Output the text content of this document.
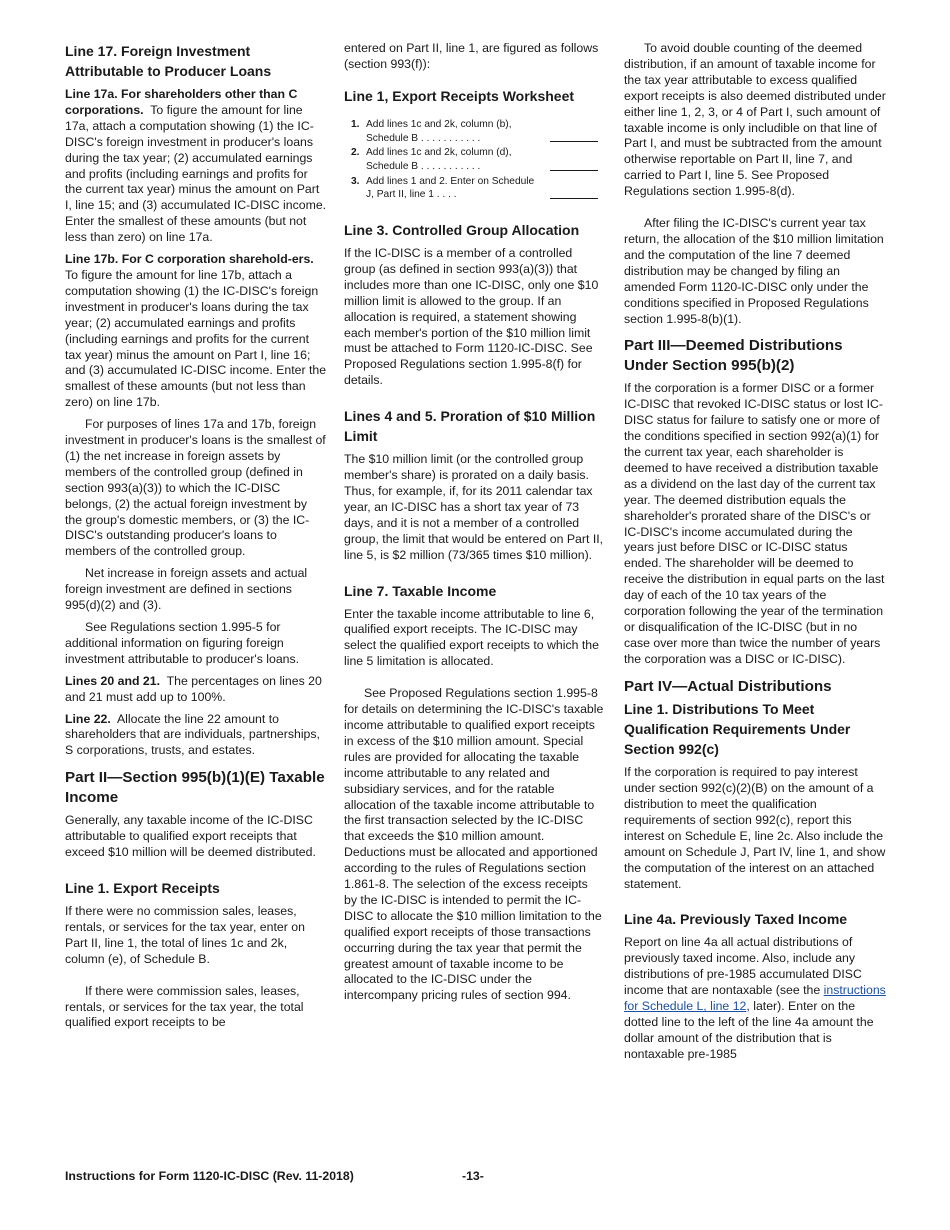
Line 17. Foreign Investment Attributable to Producer Loans

Line 17a. For shareholders other than C corporations. To figure the amount for line 17a, attach a computation showing (1) the IC-DISC's foreign investment in producer's loans during the tax year; (2) accumulated earnings and profits (including earnings and profits for the current tax year) minus the amount on Part I, line 15; and (3) accumulated IC-DISC income. Enter the smallest of these amounts (but not less than zero) on line 17a.

Line 17b. For C corporation sharehold-ers.  To figure the amount for line 17b, attach a computation showing (1) the IC-DISC's foreign investment in producer's loans during the tax year; (2) accumulated earnings and profits (including earnings and profits for the current tax year) minus the amount on Part I, line 16; and (3) accumulated IC-DISC income. Enter the smallest of these amounts (but not less than zero) on line 17b.

For purposes of lines 17a and 17b, foreign investment in producer's loans is the smallest of (1) the net increase in foreign assets by members of the controlled group (defined in section 993(a)(3)) to which the IC-DISC belongs, (2) the actual foreign investment by the group's domestic members, or (3) the IC-DISC's outstanding producer's loans to members of the controlled group.

Net increase in foreign assets and actual foreign investment are defined in sections 995(d)(2) and (3).

See Regulations section 1.995-5 for additional information on figuring foreign investment attributable to producer's loans.

Lines 20 and 21. The percentages on lines 20 and 21 must add up to 100%.

Line 22. Allocate the line 22 amount to shareholders that are individuals, partnerships, S corporations, trusts, and estates.

Part II—Section 995(b)(1)(E) Taxable Income

Generally, any taxable income of the IC-DISC attributable to qualified export receipts that exceed $10 million will be deemed distributed.

Line 1. Export Receipts

If there were no commission sales, leases, rentals, or services for the tax year, enter on Part II, line 1, the total of lines 1c and 2k, column (e), of Schedule B.

If there were commission sales, leases, rentals, or services for the tax year, the total qualified export receipts to be

entered on Part II, line 1, are figured as follows (section 993(f)):

Line 1, Export Receipts Worksheet
1. Add lines 1c and 2k, column (b), Schedule B . . . . . . . . . . .
2. Add lines 1c and 2k, column (d), Schedule B . . . . . . . . . . .
3. Add lines 1 and 2. Enter on Schedule J, Part II, line 1 . . . .
Line 3. Controlled Group Allocation

If the IC-DISC is a member of a controlled group (as defined in section 993(a)(3)) that includes more than one IC-DISC, only one $10 million limit is allowed to the group. If an allocation is required, a statement showing each member's portion of the $10 million limit must be attached to Form 1120-IC-DISC. See Proposed Regulations section 1.995-8(f) for details.

Lines 4 and 5. Proration of $10 Million Limit

The $10 million limit (or the controlled group member's share) is prorated on a daily basis. Thus, for example, if, for its 2011 calendar tax year, an IC-DISC has a short tax year of 73 days, and it is not a member of a controlled group, the limit that would be entered on Part II, line 5, is $2 million (73/365 times $10 million).

Line 7. Taxable Income

Enter the taxable income attributable to line 6, qualified export receipts. The IC-DISC may select the qualified export receipts to which the line 5 limitation is allocated.

See Proposed Regulations section 1.995-8 for details on determining the IC-DISC's taxable income attributable to qualified export receipts in excess of the $10 million amount. Special rules are provided for allocating the taxable income attributable to any related and subsidiary services, and for the ratable allocation of the taxable income attributable to the first transaction selected by the IC-DISC that exceeds the $10 million amount. Deductions must be allocated and apportioned according to the rules of Regulations section 1.861-8. The selection of the excess receipts by the IC-DISC is intended to permit the IC-DISC to allocate the $10 million limitation to the qualified export receipts of those transactions occurring during the tax year that permit the greatest amount of taxable income to be allocated to the IC-DISC under the intercompany pricing rules of section 994.

To avoid double counting of the deemed distribution, if an amount of taxable income for the tax year attributable to excess qualified export receipts is also deemed distributed under either line 1, 2, 3, or 4 of Part I, such amount of taxable income is only includible on that line of Part I, and must be subtracted from the amount otherwise reportable on Part II, line 7, and carried to Part I, line 5. See Proposed Regulations section 1.995-8(d).

After filing the IC-DISC's current year tax return, the allocation of the $10 million limitation and the computation of the line 7 deemed distribution may be changed by filing an amended Form 1120-IC-DISC only under the conditions specified in Proposed Regulations section 1.995-8(b)(1).

Part III—Deemed Distributions Under Section 995(b)(2)

If the corporation is a former DISC or a former IC-DISC that revoked IC-DISC status or lost IC-DISC status for failure to satisfy one or more of the conditions specified in section 992(a)(1) for the current tax year, each shareholder is deemed to have received a distribution taxable as a dividend on the last day of the current tax year. The deemed distribution equals the shareholder's prorated share of the DISC's or IC-DISC's income accumulated during the years just before DISC or IC-DISC status ended. The shareholder will be deemed to receive the distribution in equal parts on the last day of each of the 10 tax years of the corporation following the year of the termination or disqualification of the IC-DISC (but in no case over more than twice the number of years the corporation was a DISC or IC-DISC).

Part IV—Actual Distributions
Line 1. Distributions To Meet Qualification Requirements Under Section 992(c)

If the corporation is required to pay interest under section 992(c)(2)(B) on the amount of a distribution to meet the qualification requirements of section 992(c), report this interest on Schedule E, line 2c. Also include the amount on Schedule J, Part IV, line 1, and show the computation of the interest on an attached statement.

Line 4a. Previously Taxed Income

Report on line 4a all actual distributions of previously taxed income. Also, include any distributions of pre-1985 accumulated DISC income that are nontaxable (see the instructions for Schedule L, line 12, later). Enter on the dotted line to the left of the line 4a amount the dollar amount of the distribution that is nontaxable pre-1985

Instructions for Form 1120-IC-DISC (Rev. 11-2018)	-13-
